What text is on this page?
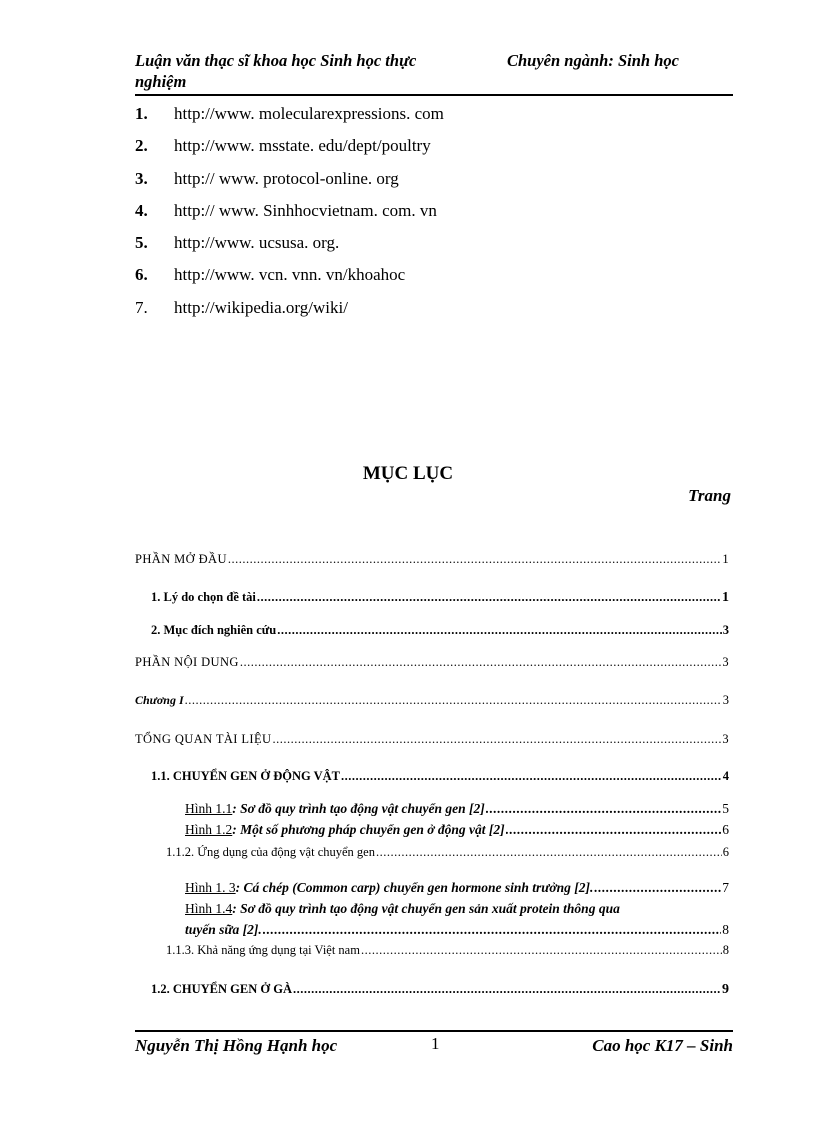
Luận văn thạc sĩ khoa học Sinh học thực nghiệm
Chuyên ngành: Sinh học
1. http://www. molecularexpressions. com
2. http://www. msstate. edu/dept/poultry
3. http:// www. protocol-online. org
4. http:// www. Sinhhocvietnam. com. vn
5. http://www. ucsusa. org.
6. http://www. vcn. vnn. vn/khoahoc
7. http://wikipedia.org/wiki/
MỤC LỤC
Trang
PHẦN MỞ ĐẦU .....	1
1. Lý do chọn đề tài .....	1
2. Mục đích nghiên cứu .....	3
PHẦN NỘI DUNG .....	3
Chương I .....	3
TỔNG QUAN TÀI LIỆU .....	3
1.1. CHUYỂN GEN Ở ĐỘNG VẬT .....	4
Hình 1.1: Sơ đồ quy trình tạo động vật chuyển gen [2] .....	5
Hình 1.2: Một số phương pháp chuyển gen ở động vật [2] .....	6
1.1.2. Ứng dụng của động vật chuyển gen .....	6
Hình 1. 3: Cá chép (Common carp) chuyển gen hormone sinh trưởng [2]. .....	7
Hình 1.4: Sơ đồ quy trình tạo động vật chuyển gen sản xuất protein thông qua
tuyến sữa [2]. .....	8
1.1.3. Khả năng ứng dụng tại Việt nam .....	8
1.2. CHUYỂN GEN Ở GÀ .....	9
Nguyễn Thị Hồng Hạnh học	1	Cao học K17 – Sinh
